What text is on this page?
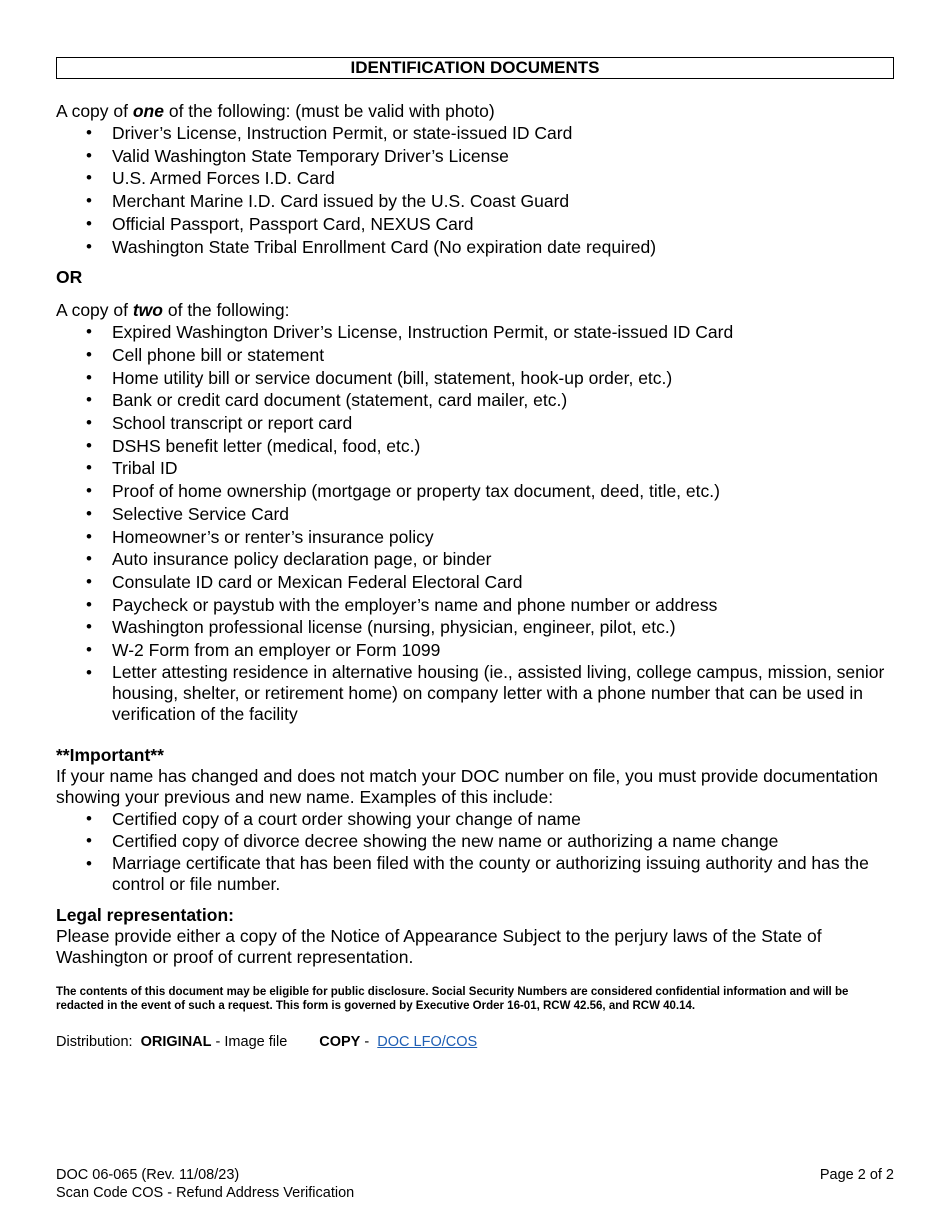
IDENTIFICATION DOCUMENTS
A copy of one of the following: (must be valid with photo)
• Driver’s License, Instruction Permit, or state-issued ID Card
• Valid Washington State Temporary Driver’s License
• U.S. Armed Forces I.D. Card
• Merchant Marine I.D. Card issued by the U.S. Coast Guard
• Official Passport, Passport Card, NEXUS Card
• Washington State Tribal Enrollment Card (No expiration date required)
OR
A copy of two of the following:
• Expired Washington Driver’s License, Instruction Permit, or state-issued ID Card
• Cell phone bill or statement
• Home utility bill or service document (bill, statement, hook-up order, etc.)
• Bank or credit card document (statement, card mailer, etc.)
• School transcript or report card
• DSHS benefit letter (medical, food, etc.)
• Tribal ID
• Proof of home ownership (mortgage or property tax document, deed, title, etc.)
• Selective Service Card
• Homeowner’s or renter’s insurance policy
• Auto insurance policy declaration page, or binder
• Consulate ID card or Mexican Federal Electoral Card
• Paycheck or paystub with the employer’s name and phone number or address
• Washington professional license (nursing, physician, engineer, pilot, etc.)
• W-2 Form from an employer or Form 1099
• Letter attesting residence in alternative housing (ie., assisted living, college campus, mission, senior housing, shelter, or retirement home) on company letter with a phone number that can be used in verification of the facility
**Important**
If your name has changed and does not match your DOC number on file, you must provide documentation showing your previous and new name. Examples of this include:
• Certified copy of a court order showing your change of name
• Certified copy of divorce decree showing the new name or authorizing a name change
• Marriage certificate that has been filed with the county or authorizing issuing authority and has the control or file number.
Legal representation:
Please provide either a copy of the Notice of Appearance Subject to the perjury laws of the State of Washington or proof of current representation.
The contents of this document may be eligible for public disclosure. Social Security Numbers are considered confidential information and will be redacted in the event of such a request. This form is governed by Executive Order 16-01, RCW 42.56, and RCW 40.14.
Distribution: ORIGINAL - Image file COPY -  DOC LFO/COS
DOC 06-065 (Rev. 11/08/23)
Scan Code COS - Refund Address Verification
Page 2 of 2
